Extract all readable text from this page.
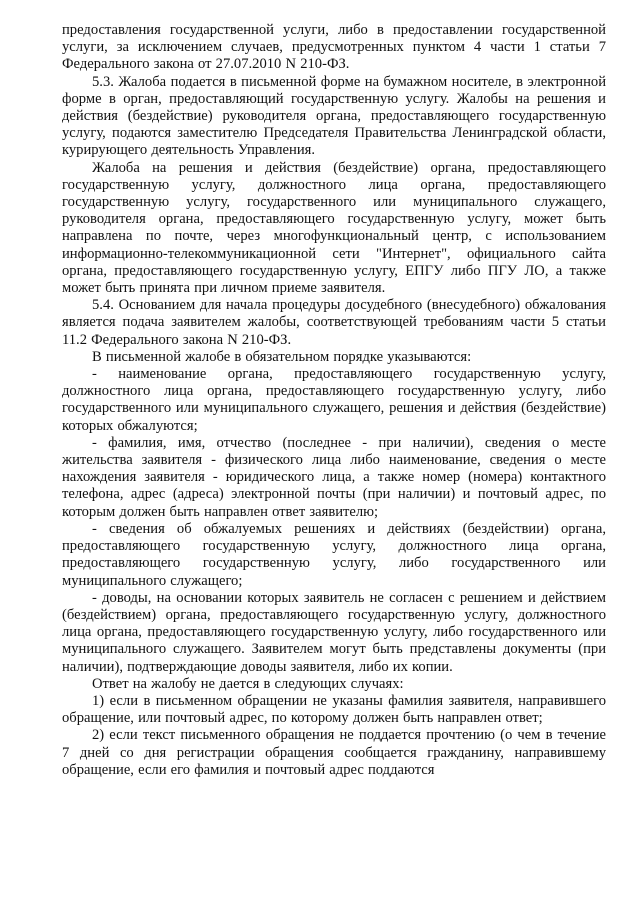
предоставления государственной услуги, либо в предоставлении государственной услуги, за исключением случаев, предусмотренных пунктом 4 части 1 статьи 7 Федерального закона от 27.07.2010 N 210-ФЗ.

5.3. Жалоба подается в письменной форме на бумажном носителе, в электронной форме в орган, предоставляющий государственную услугу. Жалобы на решения и действия (бездействие) руководителя органа, предоставляющего государственную услугу, подаются заместителю Председателя Правительства Ленинградской области, курирующего деятельность Управления.

Жалоба на решения и действия (бездействие) органа, предоставляющего государственную услугу, должностного лица органа, предоставляющего государственную услугу, государственного или муниципального служащего, руководителя органа, предоставляющего государственную услугу, может быть направлена по почте, через многофункциональный центр, с использованием информационно-телекоммуникационной сети "Интернет", официального сайта органа, предоставляющего государственную услугу, ЕПГУ либо ПГУ ЛО, а также может быть принята при личном приеме заявителя.

5.4. Основанием для начала процедуры досудебного (внесудебного) обжалования является подача заявителем жалобы, соответствующей требованиям части 5 статьи 11.2 Федерального закона N 210-ФЗ.

В письменной жалобе в обязательном порядке указываются:

- наименование органа, предоставляющего государственную услугу, должностного лица органа, предоставляющего государственную услугу, либо государственного или муниципального служащего, решения и действия (бездействие) которых обжалуются;

- фамилия, имя, отчество (последнее - при наличии), сведения о месте жительства заявителя - физического лица либо наименование, сведения о месте нахождения заявителя - юридического лица, а также номер (номера) контактного телефона, адрес (адреса) электронной почты (при наличии) и почтовый адрес, по которым должен быть направлен ответ заявителю;

- сведения об обжалуемых решениях и действиях (бездействии) органа, предоставляющего государственную услугу, должностного лица органа, предоставляющего государственную услугу, либо государственного или муниципального служащего;

- доводы, на основании которых заявитель не согласен с решением и действием (бездействием) органа, предоставляющего государственную услугу, должностного лица органа, предоставляющего государственную услугу, либо государственного или муниципального служащего. Заявителем могут быть представлены документы (при наличии), подтверждающие доводы заявителя, либо их копии.

Ответ на жалобу не дается в следующих случаях:

1) если в письменном обращении не указаны фамилия заявителя, направившего обращение, или почтовый адрес, по которому должен быть направлен ответ;

2) если текст письменного обращения не поддается прочтению (о чем в течение 7 дней со дня регистрации обращения сообщается гражданину, направившему обращение, если его фамилия и почтовый адрес поддаются
